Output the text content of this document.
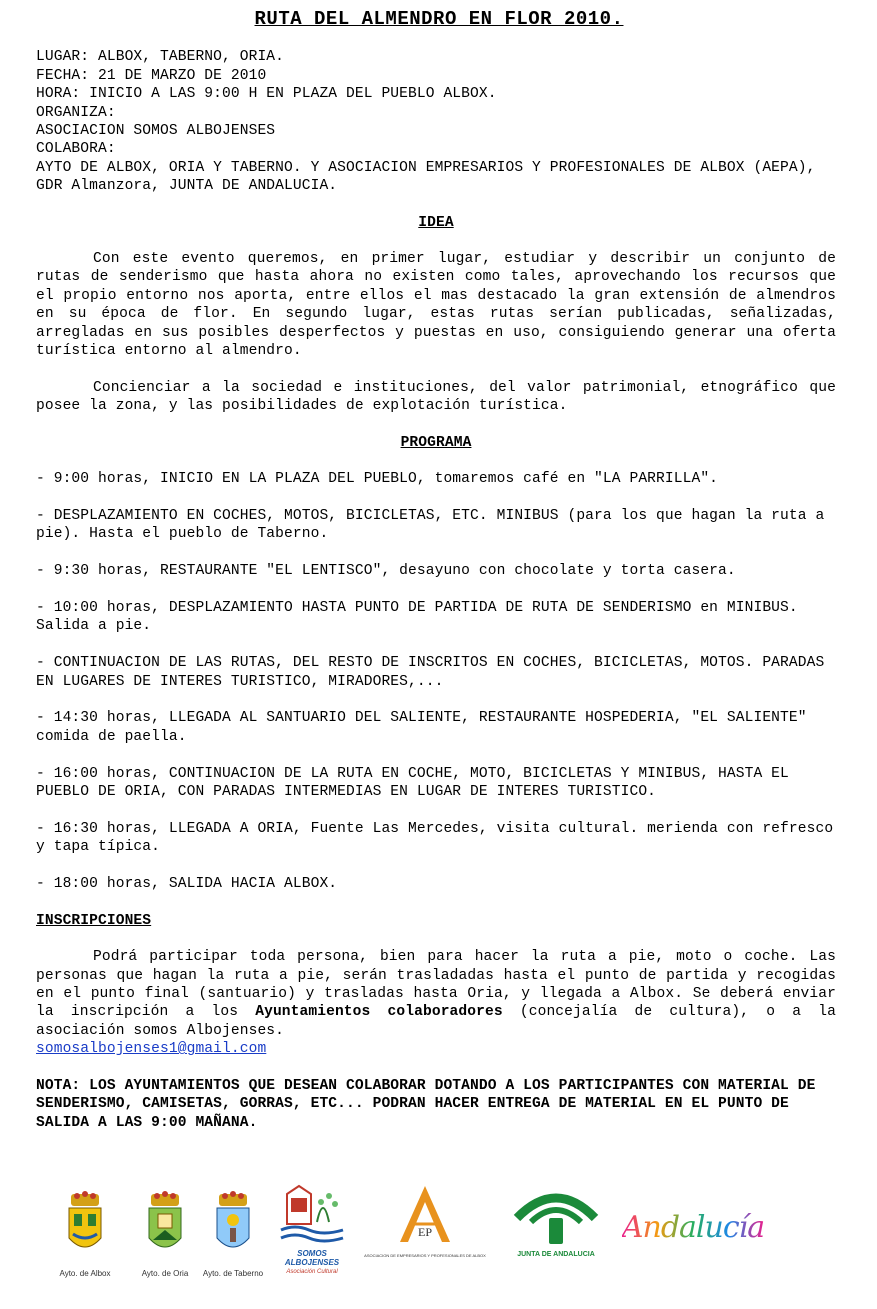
RUTA DEL ALMENDRO EN FLOR 2010.
LUGAR: ALBOX, TABERNO, ORIA.
FECHA: 21 DE MARZO DE 2010
HORA: INICIO A LAS 9:00 H EN PLAZA DEL PUEBLO ALBOX.
ORGANIZA:
ASOCIACION SOMOS ALBOJENSES
COLABORA:
AYTO DE ALBOX, ORIA Y TABERNO. Y ASOCIACION EMPRESARIOS Y PROFESIONALES DE ALBOX (AEPA), GDR Almanzora, JUNTA DE ANDALUCIA.
IDEA

Con este evento queremos, en primer lugar, estudiar y describir un conjunto de rutas de senderismo que hasta ahora no existen como tales, aprovechando los recursos que el propio entorno nos aporta, entre ellos el mas destacado la gran extensión de almendros en su época de flor. En segundo lugar, estas rutas serían publicadas, señalizadas, arregladas en sus posibles desperfectos y puestas en uso, consiguiendo generar una oferta turística entorno al almendro.

Concienciar a la sociedad e instituciones, del valor patrimonial, etnográfico que posee la zona, y las posibilidades de explotación turística.

PROGRAMA

- 9:00 horas, INICIO EN LA PLAZA DEL PUEBLO, tomaremos café en "LA PARRILLA".

- DESPLAZAMIENTO EN COCHES, MOTOS, BICICLETAS, ETC. MINIBUS (para los que hagan la ruta a pie). Hasta el pueblo de Taberno.

- 9:30 horas, RESTAURANTE "EL LENTISCO", desayuno con chocolate y torta casera.

- 10:00 horas, DESPLAZAMIENTO HASTA PUNTO DE PARTIDA DE RUTA DE SENDERISMO en MINIBUS. Salida a pie.

- CONTINUACION DE LAS RUTAS, DEL RESTO DE INSCRITOS EN COCHES, BICICLETAS, MOTOS. PARADAS EN LUGARES DE INTERES TURISTICO, MIRADORES,...

- 14:30 horas, LLEGADA AL SANTUARIO DEL SALIENTE, RESTAURANTE HOSPEDERIA, "EL SALIENTE" comida de paella.

- 16:00 horas, CONTINUACION DE LA RUTA EN COCHE, MOTO, BICICLETAS Y MINIBUS, HASTA EL PUEBLO DE ORIA, CON PARADAS INTERMEDIAS EN LUGAR DE INTERES TURISTICO.

- 16:30 horas, LLEGADA A ORIA, Fuente Las Mercedes, visita cultural. merienda con refresco y tapa típica.

- 18:00 horas, SALIDA HACIA ALBOX.

INSCRIPCIONES

Podrá participar toda persona, bien para hacer la ruta a pie, moto o coche. Las personas que hagan la ruta a pie, serán trasladadas hasta el punto de partida y recogidas en el punto final (santuario) y trasladas hasta Oria, y llegada a Albox. Se deberá enviar la inscripción a los Ayuntamientos colaboradores (concejalía de cultura), o a la asociación somos Albojenses.

somosalbojenses1@gmail.com

NOTA: LOS AYUNTAMIENTOS QUE DESEAN COLABORAR DOTANDO A LOS PARTICIPANTES CON MATERIAL DE SENDERISMO, CAMISETAS, GORRAS, ETC... PODRAN HACER ENTREGA DE MATERIAL EN EL PUNTO DE SALIDA A LAS 9:00 MAÑANA.

Ayto. de Albox	Ayto. de Oria	Ayto. de Taberno
SOMOS ALBOJENSES
Asociación Cultural
EP
ASOCIACION DE EMPRESARIOS Y PROFESIONALES DE ALBOX	JUNTA DE ANDALUCIA
Andalucía
